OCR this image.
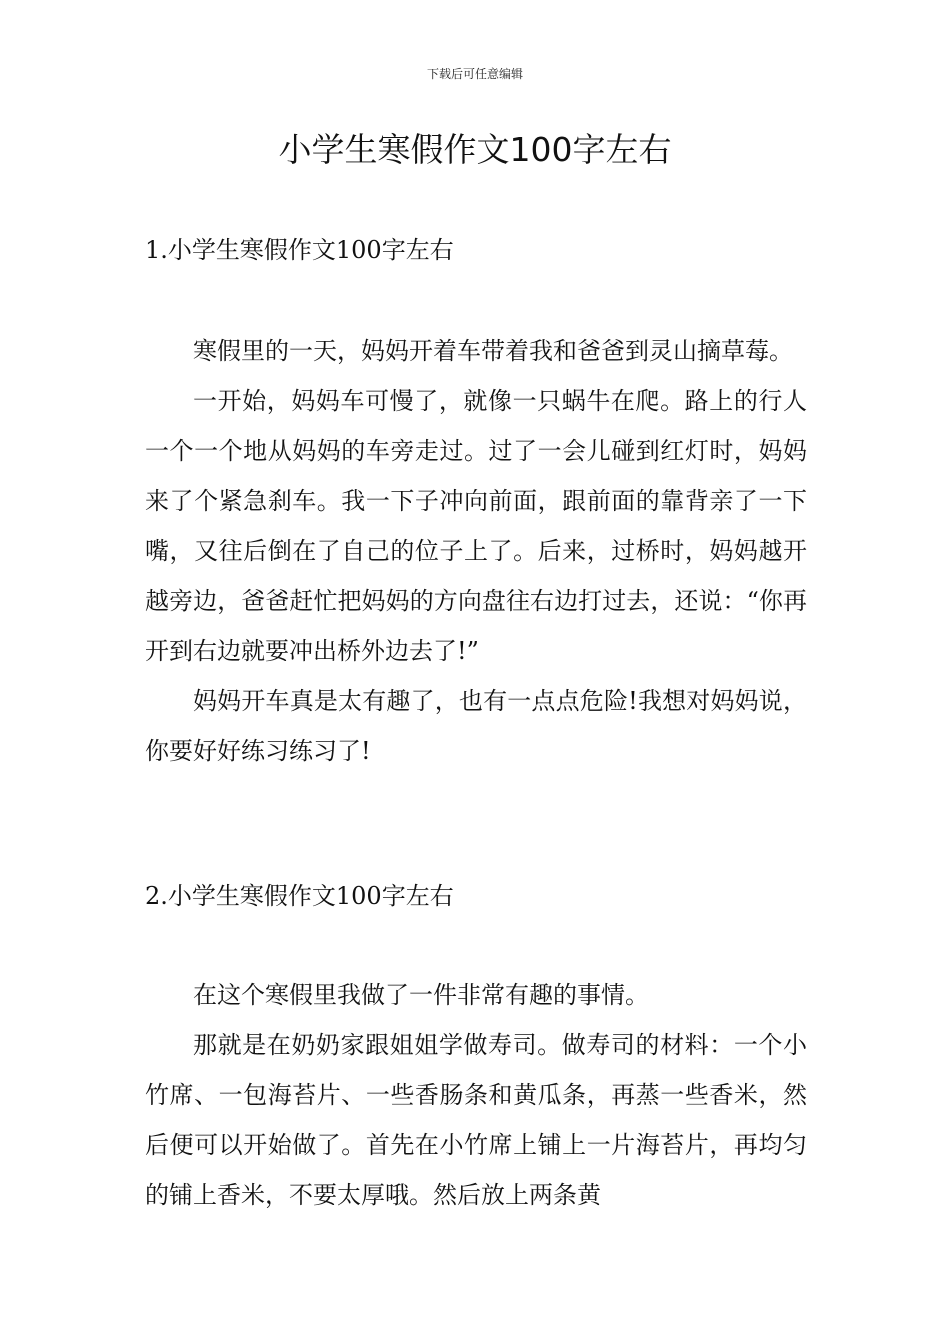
下载后可任意编辑
小学生寒假作文100字左右
1.小学生寒假作文100字左右

寒假里的一天，妈妈开着车带着我和爸爸到灵山摘草莓。

一开始，妈妈车可慢了，就像一只蜗牛在爬。路上的行人一个一个地从妈妈的车旁走过。过了一会儿碰到红灯时，妈妈来了个紧急刹车。我一下子冲向前面，跟前面的靠背亲了一下嘴，又往后倒在了自己的位子上了。后来，过桥时，妈妈越开越旁边，爸爸赶忙把妈妈的方向盘往右边打过去，还说：“你再开到右边就要冲出桥外边去了!”

妈妈开车真是太有趣了，也有一点点危险!我想对妈妈说，你要好好练习练习了!

2.小学生寒假作文100字左右

在这个寒假里我做了一件非常有趣的事情。

那就是在奶奶家跟姐姐学做寿司。做寿司的材料：一个小竹席、一包海苔片、一些香肠条和黄瓜条，再蒸一些香米，然后便可以开始做了。首先在小竹席上铺上一片海苔片，再均匀的铺上香米，不要太厚哦。然后放上两条黄
